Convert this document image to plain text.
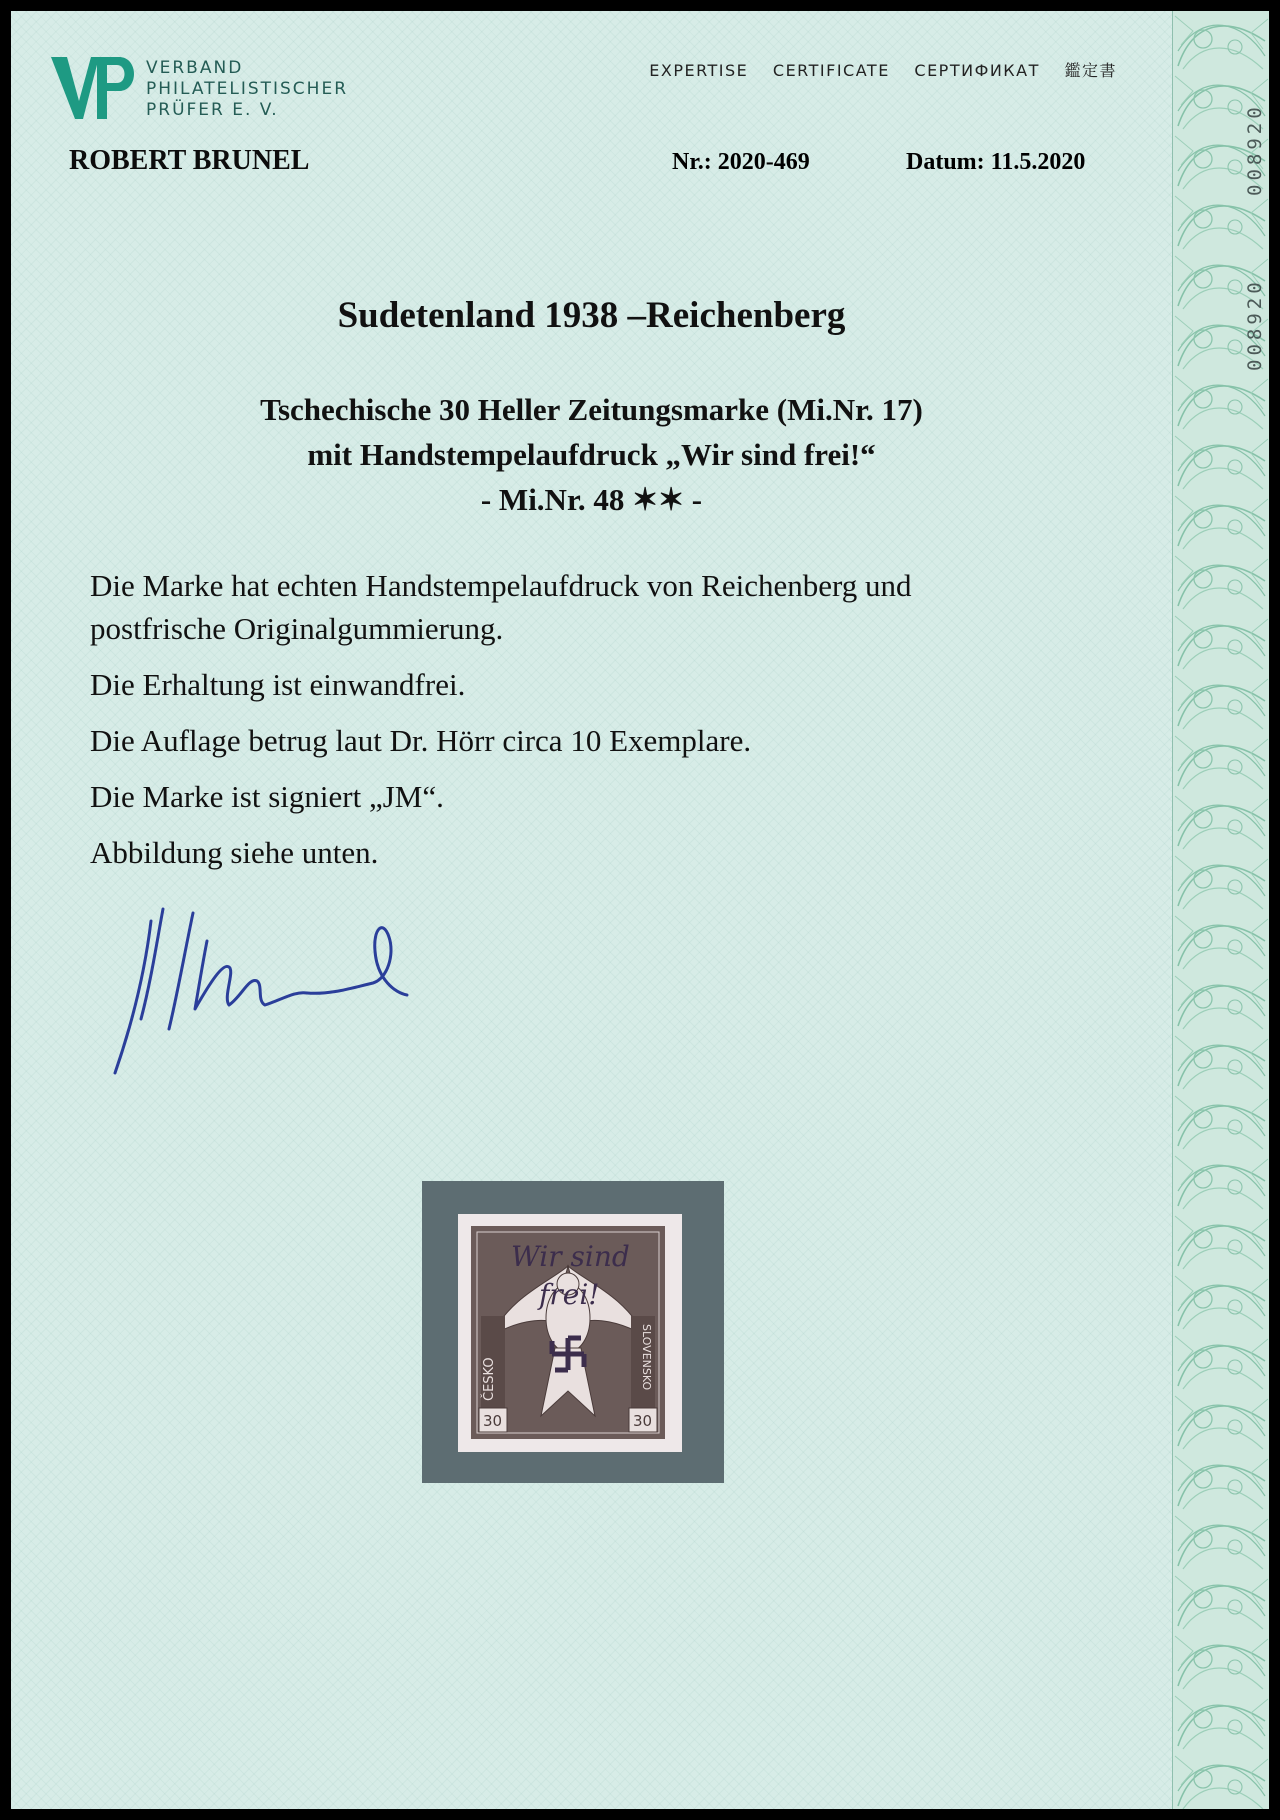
008920
008920
VERBAND
PHILATELISTISCHER
PRÜFER E. V.
EXPERTISE CERTIFICATE СЕРТИФИКАТ 鑑定書
ROBERT BRUNEL	Nr.: 2020-469	Datum: 11.5.2020
Sudetenland 1938 –Reichenberg
Tschechische 30 Heller Zeitungsmarke (Mi.Nr. 17)
mit Handstempelaufdruck „Wir sind frei!“
- Mi.Nr. 48 ✶✶ -

Die Marke hat echten Handstempelaufdruck von Reichenberg und

postfrische Originalgummierung.

Die Erhaltung ist einwandfrei.

Die Auflage betrug laut Dr. Hörr circa 10 Exemplare.

Die Marke ist signiert „JM“.

Abbildung siehe unten.

ČESKO	SLOVENSKO
30	30
Wir sind
frei!
